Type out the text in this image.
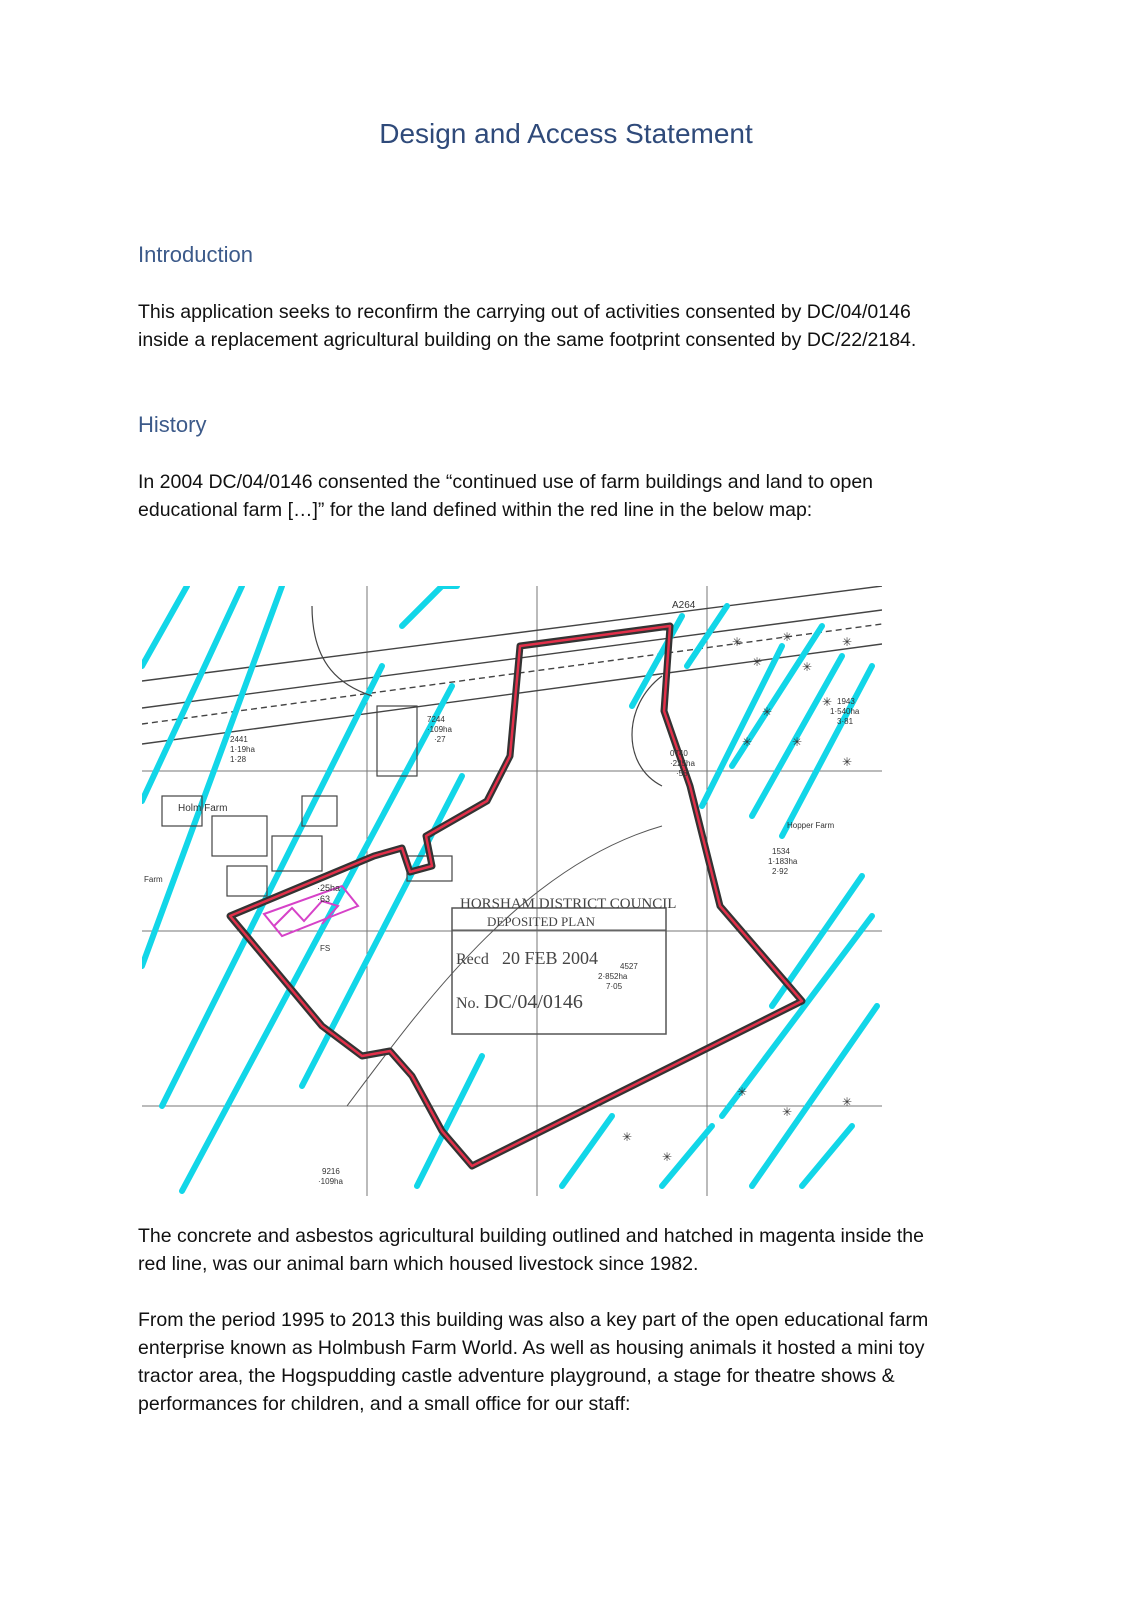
Design and Access Statement
Introduction
This application seeks to reconfirm the carrying out of activities consented by DC/04/0146
inside a replacement agricultural building on the same footprint consented by DC/22/2184.
History
In 2004 DC/04/0146 consented the “continued use of farm buildings and land to open
educational farm […]” for the land defined within the red line in the below map:
·25ha
·63
✳
✳
✳
✳
✳
✳
✳
✳	✳
✳
✳
✳
✳
✳
✳
A264
Holm Farm
Hopper Farm
Farm
2441
1·19ha
1·28
7244
·109ha
·27
0740
·225ha
·58
1943
1·540ha
3·81
1534
1·183ha
2·92
4527
2·852ha
7·05
9216
·109ha
FS
HORSHAM DISTRICT COUNCIL
DEPOSITED PLAN
Recd 20 FEB 2004
No. DC/04/0146
The concrete and asbestos agricultural building outlined and hatched in magenta inside the
red line, was our animal barn which housed livestock since 1982.
From the period 1995 to 2013 this building was also a key part of the open educational farm
enterprise known as Holmbush Farm World. As well as housing animals it hosted a mini toy
tractor area, the Hogspudding castle adventure playground, a stage for theatre shows &
performances for children, and a small office for our staff:
